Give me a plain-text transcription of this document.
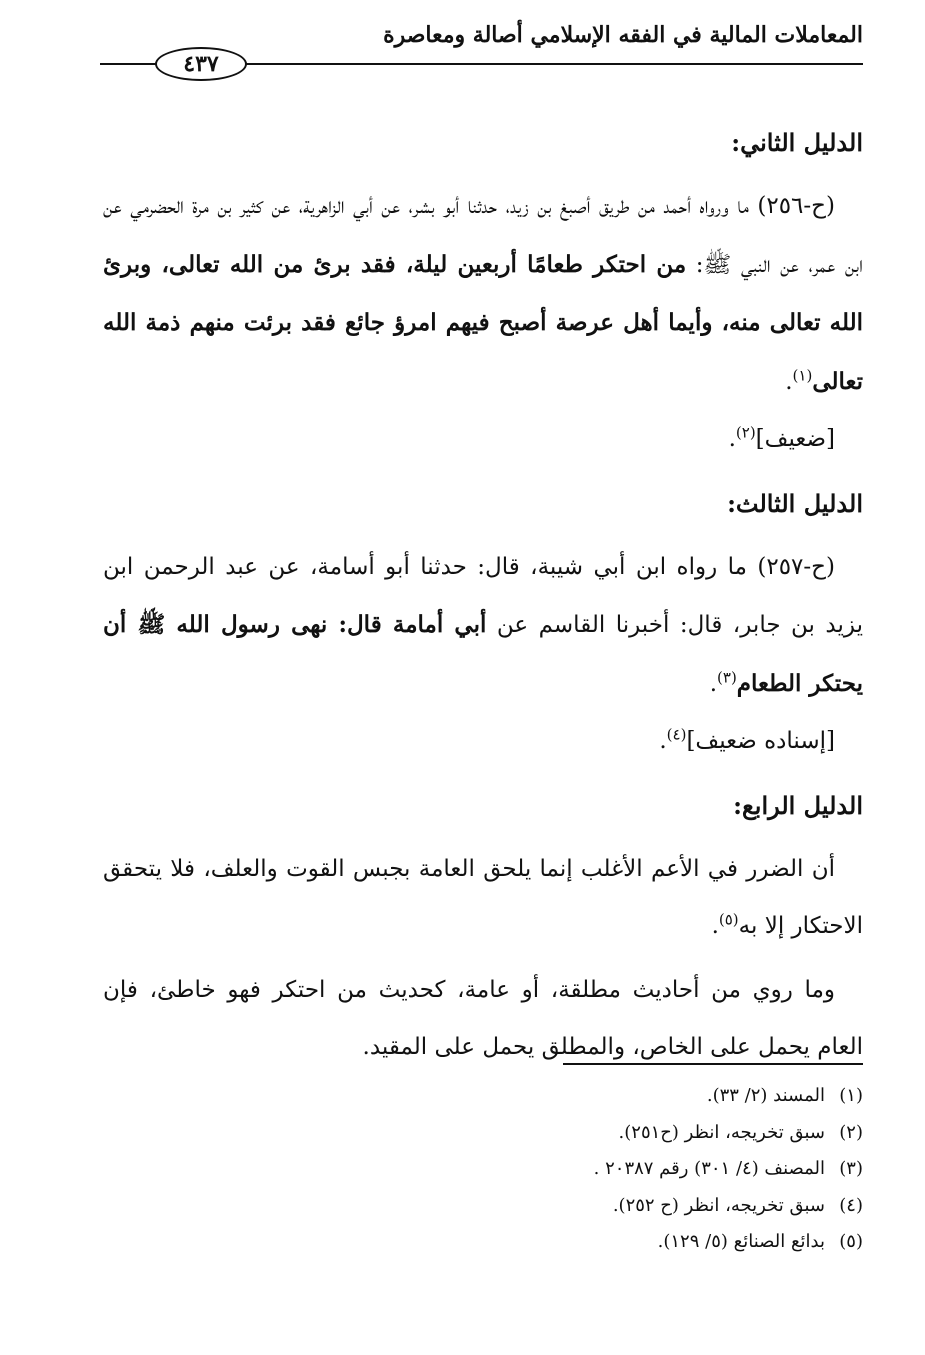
المعاملات المالية في الفقه الإسلامي أصالة ومعاصرة
٤٣٧

الدليل الثاني:

(ح-٢٥٦) ما ورواه أحمد من طريق أصبغ بن زيد، حدثنا أبو بشر، عن أبي الزاهرية، عن كثير بن مرة الحضرمي عن ابن عمر، عن النبي ﷺ: من احتكر طعامًا أربعين ليلة، فقد برئ من الله تعالى، وبرئ الله تعالى منه، وأيما أهل عرصة أصبح فيهم امرؤ جائع فقد برئت منهم ذمة الله تعالى$^{(١)}$.

[ضعيف]$^{(٢)}$.

الدليل الثالث:

(ح-٢٥٧) ما رواه ابن أبي شيبة، قال: حدثنا أبو أسامة، عن عبد الرحمن ابن يزيد بن جابر، قال: أخبرنا القاسم عن أبي أمامة قال: نهى رسول الله ﷺ أن يحتكر الطعام$^{(٣)}$.

[إسناده ضعيف]$^{(٤)}$.

الدليل الرابع:

أن الضرر في الأعم الأغلب إنما يلحق العامة بجبس القوت والعلف، فلا يتحقق الاحتكار إلا به$^{(٥)}$.

وما روي من أحاديث مطلقة، أو عامة، كحديث من احتكر فهو خاطئ، فإن العام يحمل على الخاص، والمطلق يحمل على المقيد.

(١)المسند (٢/ ٣٣).

(٢)سبق تخريجه، انظر (ح٢٥١).

(٣)المصنف (٤/ ٣٠١) رقم ٢٠٣٨٧ .

(٤)سبق تخريجه، انظر (ح ٢٥٢).

(٥)بدائع الصنائع (٥/ ١٢٩).
